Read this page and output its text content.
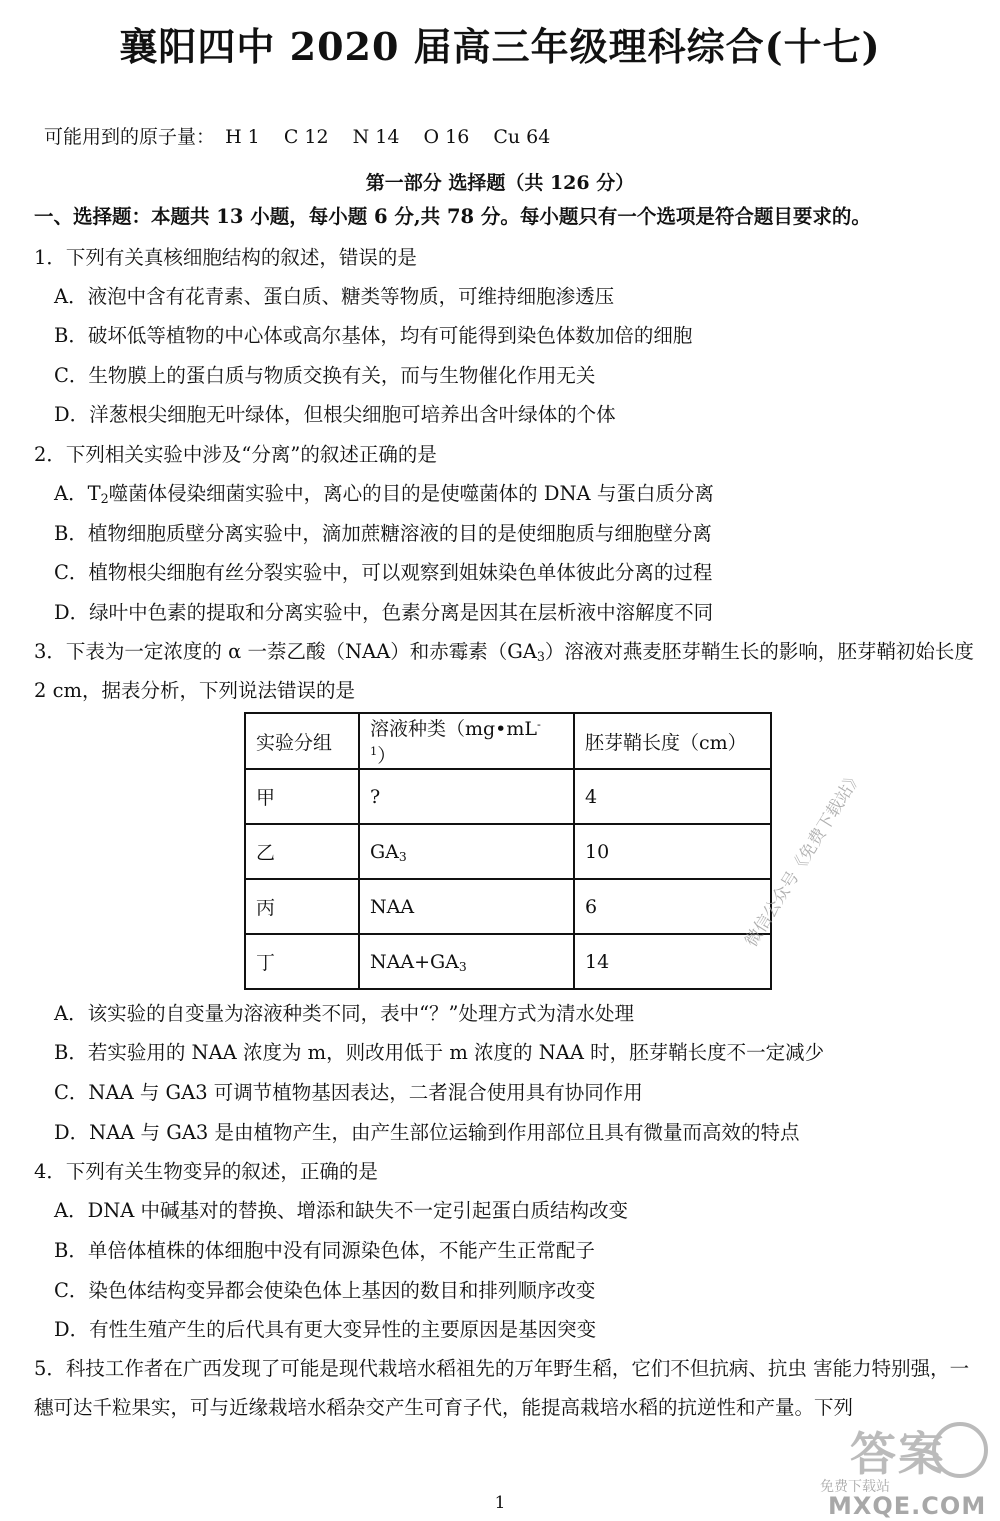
襄阳四中 2020 届高三年级理科综合(十七)
可能用到的原子量： H 1 C 12 N 14 O 16 Cu 64
第一部分 选择题（共 126 分）
一、选择题：本题共 13 小题，每小题 6 分,共 78 分。每小题只有一个选项是符合题目要求的。
1．下列有关真核细胞结构的叙述，错误的是
A．液泡中含有花青素、蛋白质、糖类等物质，可维持细胞渗透压
B．破坏低等植物的中心体或高尔基体，均有可能得到染色体数加倍的细胞
C．生物膜上的蛋白质与物质交换有关，而与生物催化作用无关
D．洋葱根尖细胞无叶绿体，但根尖细胞可培养出含叶绿体的个体
2．下列相关实验中涉及“分离”的叙述正确的是
A．$T_2$噬菌体侵染细菌实验中，离心的目的是使噬菌体的 DNA 与蛋白质分离
B．植物细胞质壁分离实验中，滴加蔗糖溶液的目的是使细胞质与细胞壁分离
C．植物根尖细胞有丝分裂实验中，可以观察到姐妹染色单体彼此分离的过程
D．绿叶中色素的提取和分离实验中，色素分离是因其在层析液中溶解度不同
3．下表为一定浓度的 α 一萘乙酸（NAA）和赤霉素$(GA_3)$溶液对燕麦胚芽鞘生长的影响，胚芽鞘初始长度 2 cm，据表分析，下列说法错误的是
实验分组	溶液种类$(mg•mL^{-1})$	胚芽鞘长度（cm）
甲	?	4
乙	$GA_3$	10
丙	NAA	6
丁	$NAA+GA_3$	14
微信公众号《免费下载站》
A．该实验的自变量为溶液种类不同，表中“？”处理方式为清水处理
B．若实验用的 NAA 浓度为 m，则改用低于 m 浓度的 NAA 时，胚芽鞘长度不一定减少
C．NAA 与 GA3 可调节植物基因表达，二者混合使用具有协同作用
D．NAA 与 GA3 是由植物产生，由产生部位运输到作用部位且具有微量而高效的特点
4．下列有关生物变异的叙述，正确的是
A．DNA 中碱基对的替换、增添和缺失不一定引起蛋白质结构改变
B．单倍体植株的体细胞中没有同源染色体，不能产生正常配子
C．染色体结构变异都会使染色体上基因的数目和排列顺序改变
D．有性生殖产生的后代具有更大变异性的主要原因是基因突变
5．科技工作者在广西发现了可能是现代栽培水稻祖先的万年野生稻，它们不但抗病、抗虫 害能力特别强，一穗可达千粒果实，可与近缘栽培水稻杂交产生可育子代，能提高栽培水稻的抗逆性和产量。下列
答案
免费下载站
MXQE.COM
1
